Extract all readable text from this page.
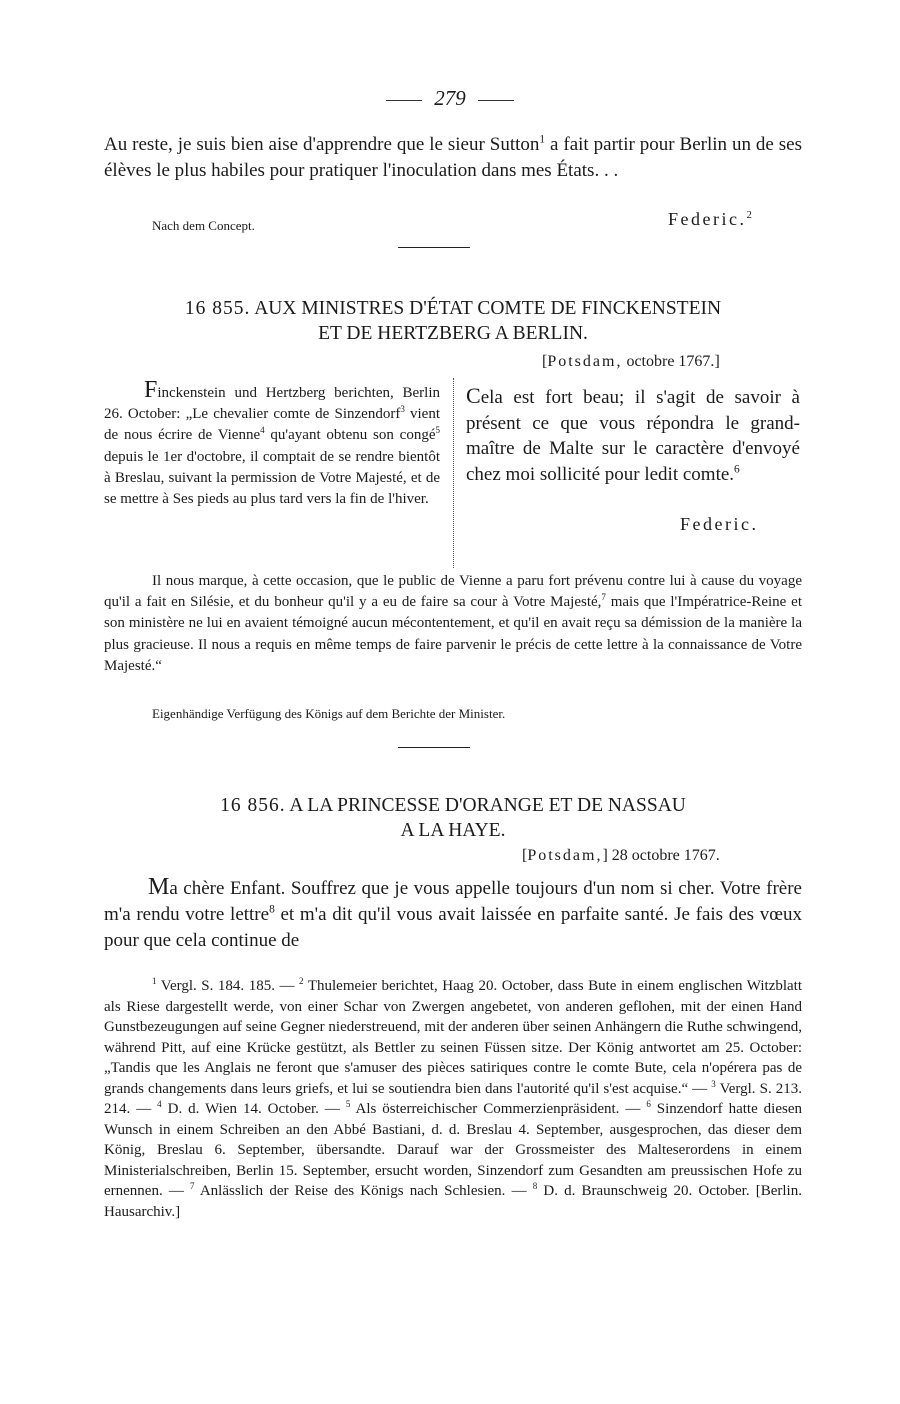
279

Au reste, je suis bien aise d'apprendre que le sieur Sutton$^1$ a fait partir pour Berlin un de ses élèves le plus habiles pour pratiquer l'inoculation dans mes États. . .

Nach dem Concept.	Federic.$^2$
16 855. AUX MINISTRES D'ÉTAT COMTE DE FINCKENSTEIN
ET DE HERTZBERG A BERLIN.
[Potsdam, octobre 1767.]

Finckenstein und Hertzberg berichten, Berlin 26. October: „Le chevalier comte de Sinzendorf$^3$ vient de nous écrire de Vienne$^4$ qu'ayant obtenu son congé$^5$ depuis le 1er d'octobre, il comptait de se rendre bientôt à Breslau, suivant la permission de Votre Majesté, et de se mettre à Ses pieds au plus tard vers la fin de l'hiver.

Cela est fort beau; il s'agit de savoir à présent ce que vous répondra le grand-maître de Malte sur le caractère d'envoyé chez moi sollicité pour ledit comte.$^6$

Federic.

Il nous marque, à cette occasion, que le public de Vienne a paru fort prévenu contre lui à cause du voyage qu'il a fait en Silésie, et du bonheur qu'il y a eu de faire sa cour à Votre Majesté,$^7$ mais que l'Impératrice-Reine et son ministère ne lui en avaient témoigné aucun mécontentement, et qu'il en avait reçu sa démission de la manière la plus gracieuse. Il nous a requis en même temps de faire parvenir le précis de cette lettre à la connaissance de Votre Majesté.“

Eigenhändige Verfügung des Königs auf dem Berichte der Minister.
16 856. A LA PRINCESSE D'ORANGE ET DE NASSAU
A LA HAYE.
[Potsdam,] 28 octobre 1767.

Ma chère Enfant. Souffrez que je vous appelle toujours d'un nom si cher. Votre frère m'a rendu votre lettre$^8$ et m'a dit qu'il vous avait laissée en parfaite santé. Je fais des vœux pour que cela continue de

$^1$ Vergl. S. 184. 185. — $^2$ Thulemeier berichtet, Haag 20. October, dass Bute in einem englischen Witzblatt als Riese dargestellt werde, von einer Schar von Zwergen angebetet, von anderen geflohen, mit der einen Hand Gunstbezeugungen auf seine Gegner niederstreuend, mit der anderen über seinen Anhängern die Ruthe schwingend, während Pitt, auf eine Krücke gestützt, als Bettler zu seinen Füssen sitze. Der König antwortet am 25. October: „Tandis que les Anglais ne feront que s'amuser des pièces satiriques contre le comte Bute, cela n'opérera pas de grands changements dans leurs griefs, et lui se soutiendra bien dans l'autorité qu'il s'est acquise.“ — $^3$ Vergl. S. 213. 214. — $^4$ D. d. Wien 14. October. — $^5$ Als österreichischer Commerzienpräsident. — $^6$ Sinzendorf hatte diesen Wunsch in einem Schreiben an den Abbé Bastiani, d. d. Breslau 4. September, ausgesprochen, das dieser dem König, Breslau 6. September, übersandte. Darauf war der Grossmeister des Malteserordens in einem Ministerialschreiben, Berlin 15. September, ersucht worden, Sinzendorf zum Gesandten am preussischen Hofe zu ernennen. — $^7$ Anlässlich der Reise des Königs nach Schlesien. — $^8$ D. d. Braunschweig 20. October. [Berlin. Hausarchiv.]
